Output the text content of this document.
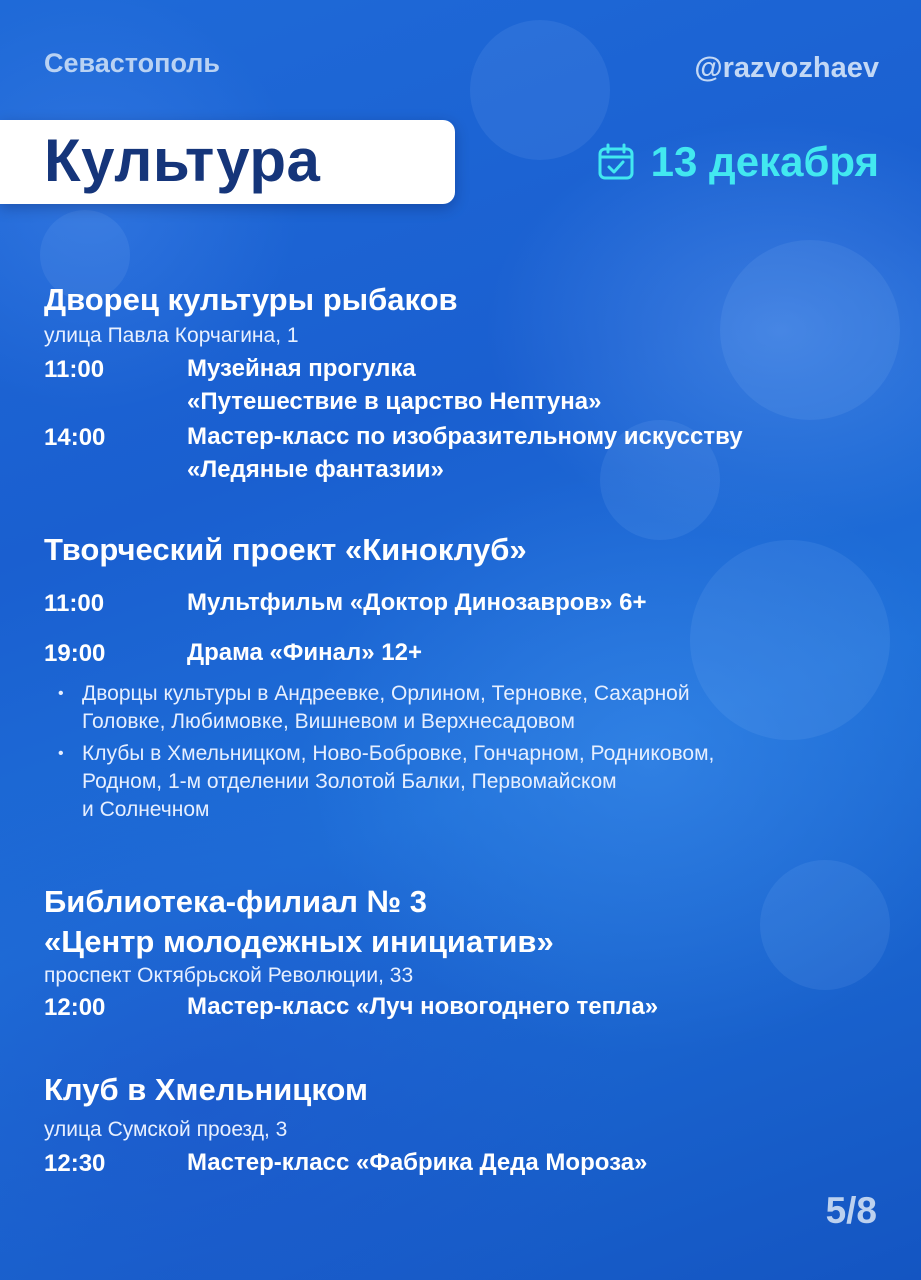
Севастополь	@razvozhaev
Культура	13 декабря
Дворец культуры рыбаков
улица Павла Корчагина, 1
11:00	Музейная прогулка
«Путешествие в царство Нептуна»
14:00	Мастер-класс по изобразительному искусству
«Ледяные фантазии»
Творческий проект «Киноклуб»
11:00	Мультфильм «Доктор Динозавров» 6+
19:00	Драма «Финал» 12+
• Дворцы культуры в Андреевке, Орлином, Терновке, Сахарной
Головке, Любимовке, Вишневом и Верхнесадовом
• Клубы в Хмельницком, Ново-Бобровке, Гончарном, Родниковом,
Родном, 1-м отделении Золотой Балки, Первомайском
и Солнечном
Библиотека-филиал № 3
«Центр молодежных инициатив»
проспект Октябрьской Революции, 33
12:00	Мастер-класс «Луч новогоднего тепла»
Клуб в Хмельницком
улица Сумской проезд, 3
12:30	Мастер-класс «Фабрика Деда Мороза»
5/8
